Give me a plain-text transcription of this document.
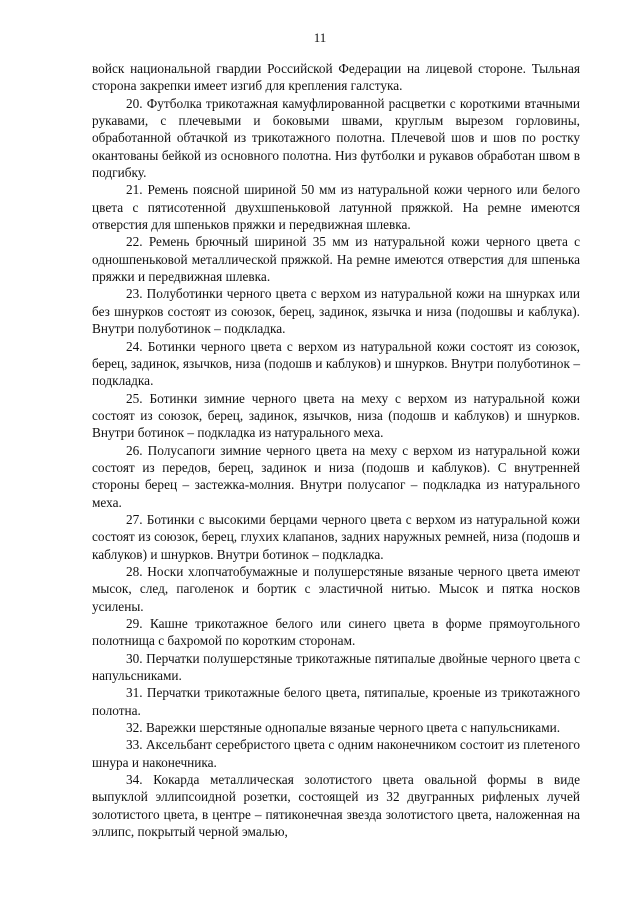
11

войск национальной гвардии Российской Федерации на лицевой стороне. Тыльная сторона закрепки имеет изгиб для крепления галстука.

20. Футболка трикотажная камуфлированной расцветки с короткими втачными рукавами, с плечевыми и боковыми швами, круглым вырезом горловины, обработанной обтачкой из трикотажного полотна. Плечевой шов и шов по ростку окантованы бейкой из основного полотна. Низ футболки и рукавов обработан швом в подгибку.

21. Ремень поясной шириной 50 мм из натуральной кожи черного или белого цвета с пятисотенной двухшпеньковой латунной пряжкой. На ремне имеются отверстия для шпеньков пряжки и передвижная шлевка.

22. Ремень брючный шириной 35 мм из натуральной кожи черного цвета с одношпеньковой металлической пряжкой. На ремне имеются отверстия для шпенька пряжки и передвижная шлевка.

23. Полуботинки черного цвета с верхом из натуральной кожи на шнурках или без шнурков состоят из союзок, берец, задинок, язычка и низа (подошвы и каблука). Внутри полуботинок – подкладка.

24. Ботинки черного цвета с верхом из натуральной кожи состоят из союзок, берец, задинок, язычков, низа (подошв и каблуков) и шнурков. Внутри полуботинок – подкладка.

25. Ботинки зимние черного цвета на меху с верхом из натуральной кожи состоят из союзок, берец, задинок, язычков, низа (подошв и каблуков) и шнурков. Внутри ботинок – подкладка из натурального меха.

26. Полусапоги зимние черного цвета на меху с верхом из натуральной кожи состоят из передов, берец, задинок и низа (подошв и каблуков). С внутренней стороны берец – застежка-молния. Внутри полусапог – подкладка из натурального меха.

27. Ботинки с высокими берцами черного цвета с верхом из натуральной кожи состоят из союзок, берец, глухих клапанов, задних наружных ремней, низа (подошв и каблуков) и шнурков. Внутри ботинок – подкладка.

28. Носки хлопчатобумажные и полушерстяные вязаные черного цвета имеют мысок, след, паголенок и бортик с эластичной нитью. Мысок и пятка носков усилены.

29. Кашне трикотажное белого или синего цвета в форме прямоугольного полотнища с бахромой по коротким сторонам.

30. Перчатки полушерстяные трикотажные пятипалые двойные черного цвета с напульсниками.

31. Перчатки трикотажные белого цвета, пятипалые, кроеные из трикотажного полотна.

32. Варежки шерстяные однопалые вязаные черного цвета с напульсниками.

33. Аксельбант серебристого цвета с одним наконечником состоит из плетеного шнура и наконечника.

34. Кокарда металлическая золотистого цвета овальной формы в виде выпуклой эллипсоидной розетки, состоящей из 32 двугранных рифленых лучей золотистого цвета, в центре – пятиконечная звезда золотистого цвета, наложенная на эллипс, покрытый черной эмалью,
